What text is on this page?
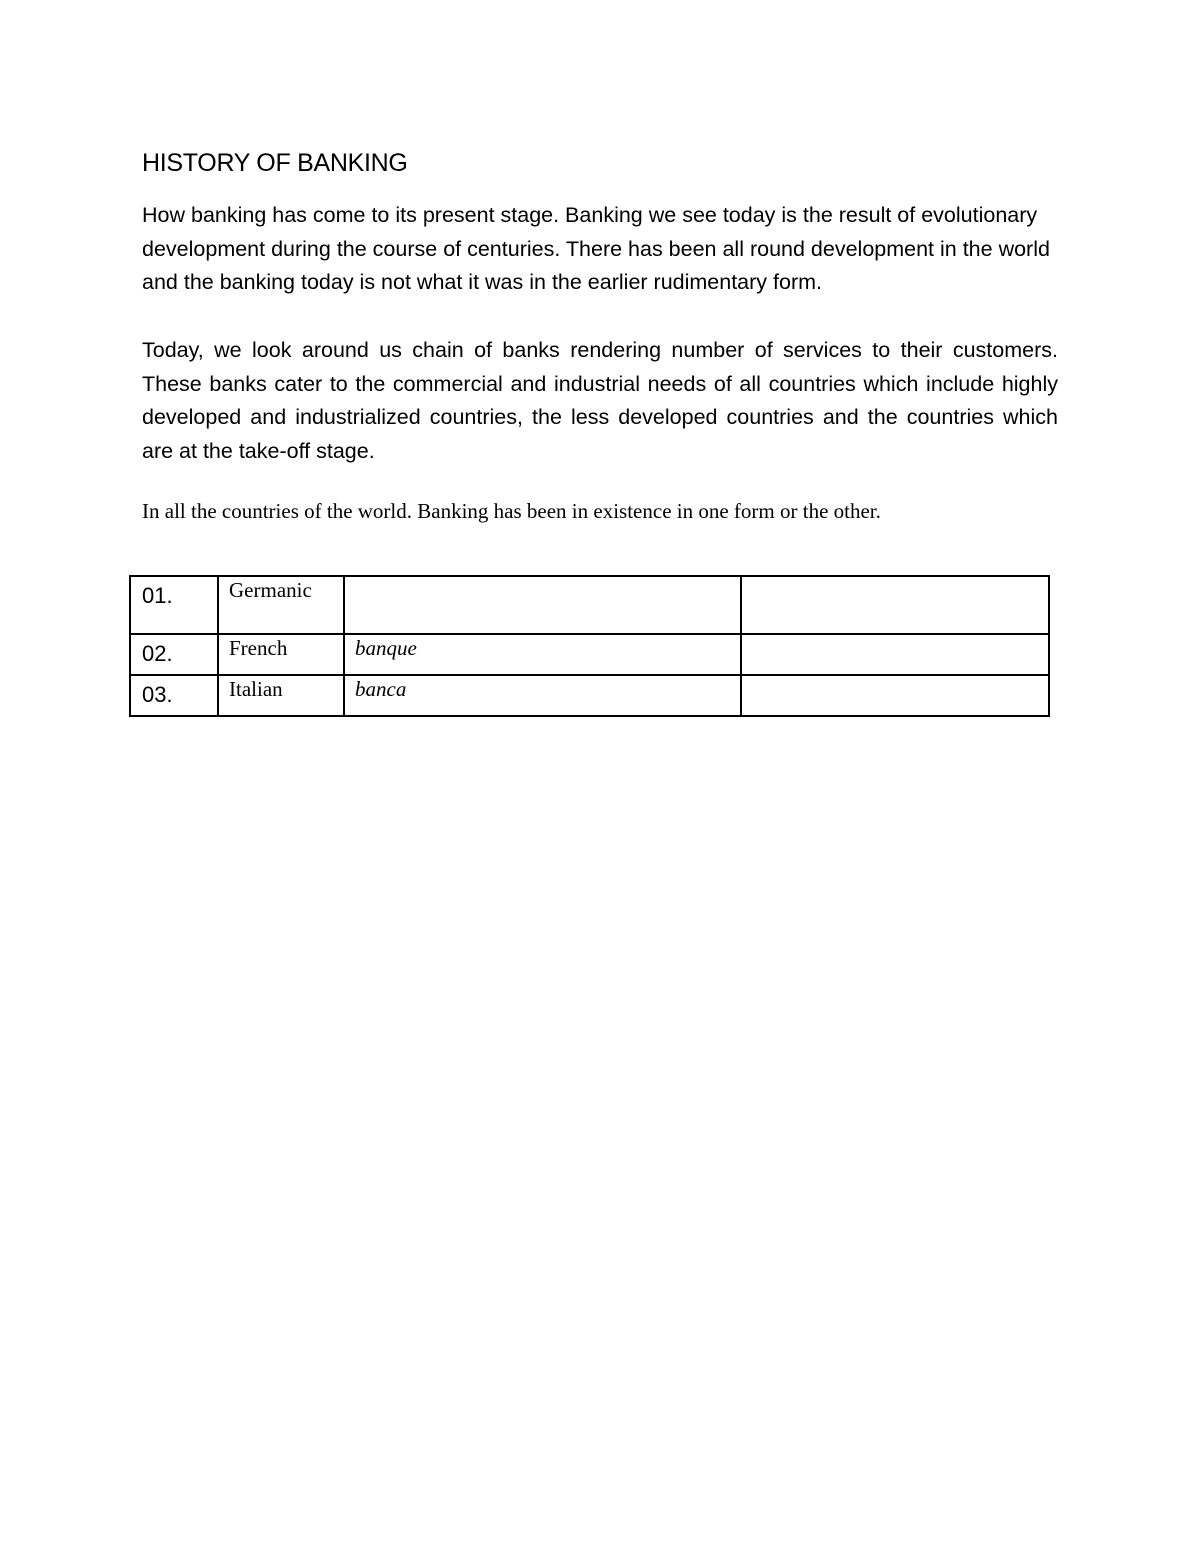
HISTORY OF BANKING

How banking has come to its present stage. Banking we see today is the result of evolutionary development during the course of centuries. There has been all round development in the world and the banking today is not what it was in the earlier rudimentary form.

Today, we look around us chain of banks rendering number of services to their customers. These banks cater to the commercial and industrial needs of all countries which include highly developed and industrialized countries, the less developed countries and the countries which are at the take-off stage.

In all the countries of the world. Banking has been in existence in one form or the other.

01.	Germanic		
02.	French	banque	
03.	Italian	banca	
